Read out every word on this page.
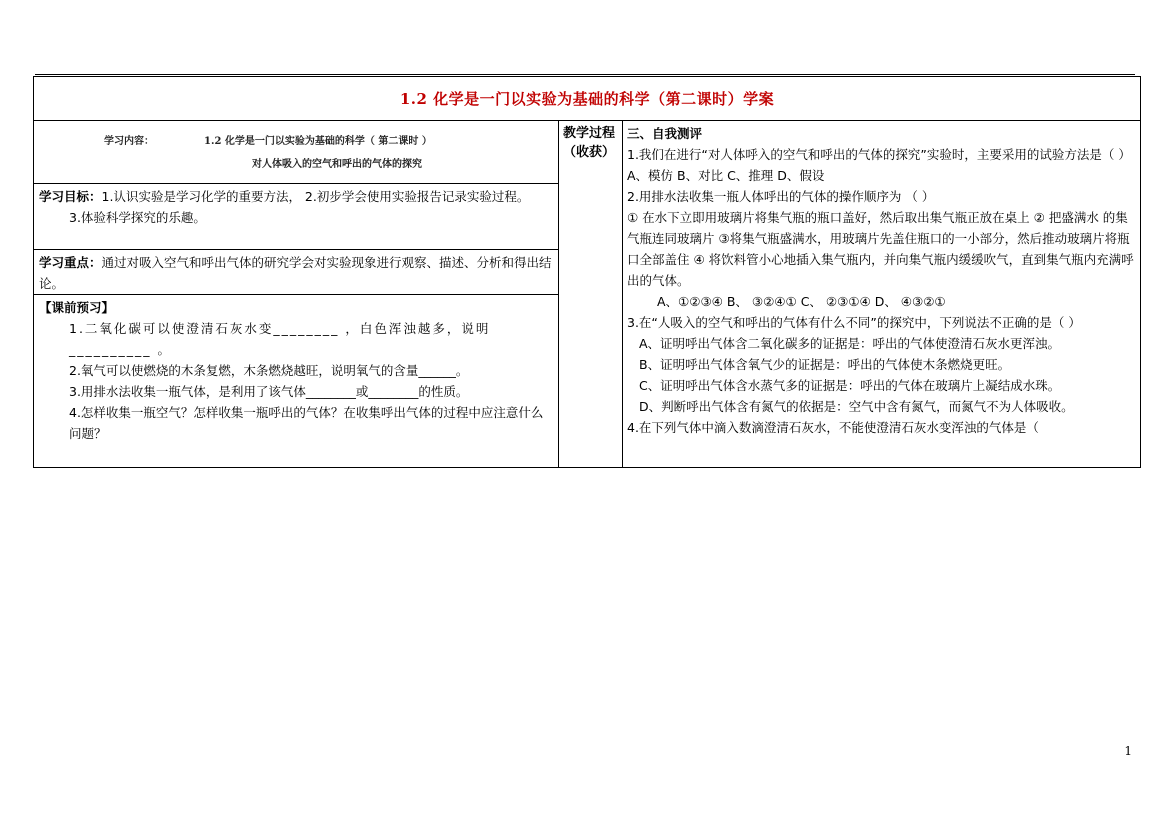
1.2 化学是一门以实验为基础的科学（第二课时）学案
学习内容：	1.2 化学是一门以实验为基础的科学（ 第二课时 ）
对人体吸入的空气和呼出的气体的探究
学习目标：1.认识实验是学习化学的重要方法， 2.初步学会使用实验报告记录实验过程。
3.体验科学探究的乐趣。
学习重点：通过对吸入空气和呼出气体的研究学会对实验现象进行观察、描述、分析和得出结论。
【课前预习】
1.二氧化碳可以使澄清石灰水变________ ，白色浑浊越多，说明__________ 。
2.氧气可以使燃烧的木条复燃，木条燃烧越旺，说明氧气的含量______。
3.用排水法收集一瓶气体，是利用了该气体________或________的性质。
4.怎样收集一瓶空气？怎样收集一瓶呼出的气体？在收集呼出气体的过程中应注意什么问题？
教学过程（收获）
三、自我测评
1.我们在进行“对人体呼入的空气和呼出的气体的探究”实验时，主要采用的试验方法是（ ）A、模仿 B、对比 C、推理 D、假设
2.用排水法收集一瓶人体呼出的气体的操作顺序为 （ ）
① 在水下立即用玻璃片将集气瓶的瓶口盖好，然后取出集气瓶正放在桌上 ② 把盛满水 的集气瓶连同玻璃片 ③将集气瓶盛满水，用玻璃片先盖住瓶口的一小部分，然后推动玻璃片将瓶口全部盖住 ④ 将饮料管小心地插入集气瓶内，并向集气瓶内缓缓吹气，直到集气瓶内充满呼出的气体。
A、①②③④ B、 ③②④① C、 ②③①④ D、 ④③②①
3.在“人吸入的空气和呼出的气体有什么不同”的探究中，下列说法不正确的是（ ）
A、证明呼出气体含二氧化碳多的证据是：呼出的气体使澄清石灰水更浑浊。
B、证明呼出气体含氧气少的证据是：呼出的气体使木条燃烧更旺。
C、证明呼出气体含水蒸气多的证据是：呼出的气体在玻璃片上凝结成水珠。
D、判断呼出气体含有氮气的依据是：空气中含有氮气，而氮气不为人体吸收。
4.在下列气体中滴入数滴澄清石灰水，不能使澄清石灰水变浑浊的气体是（
1
